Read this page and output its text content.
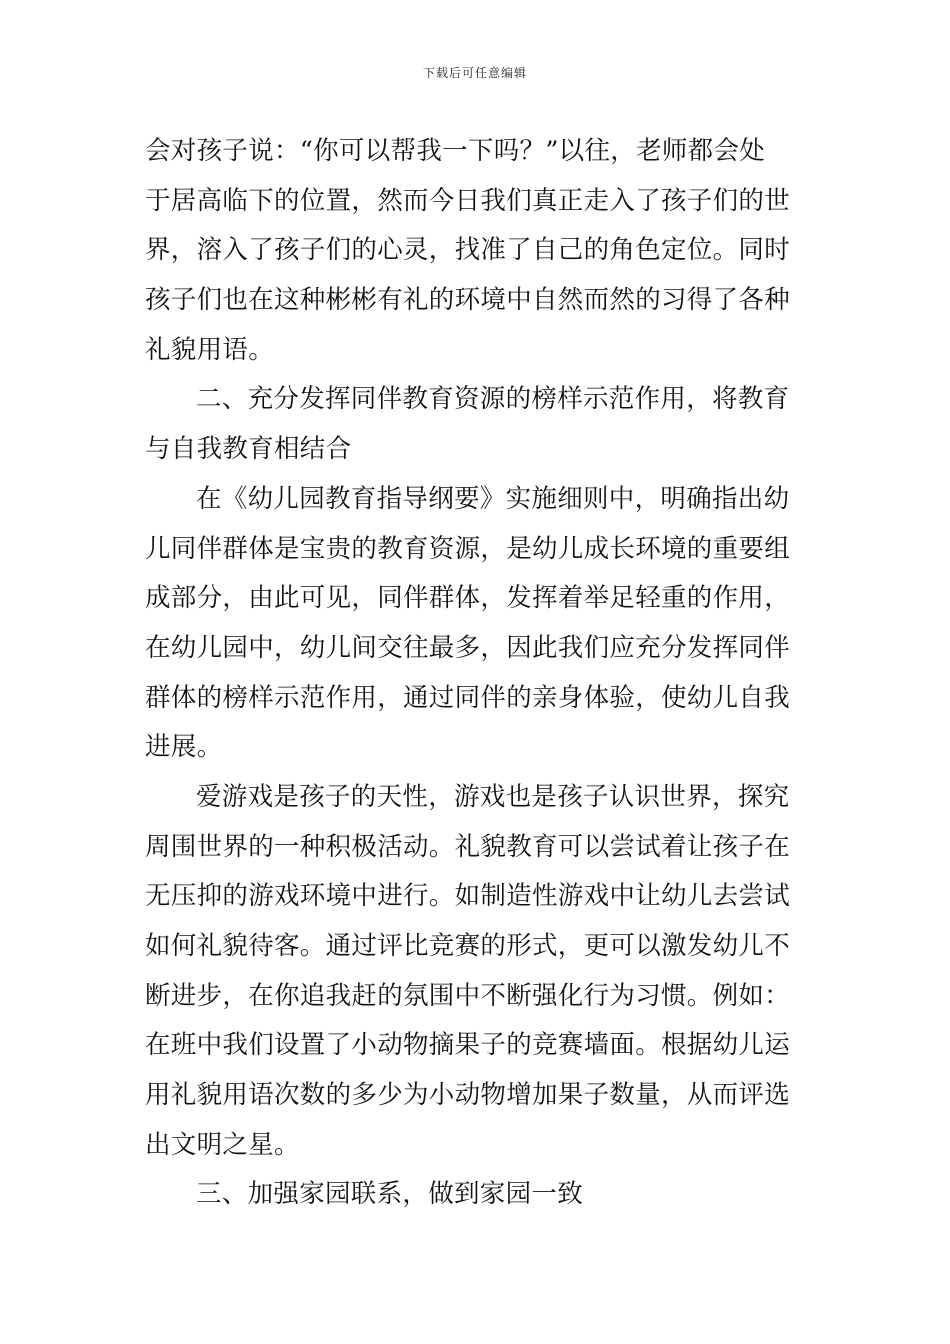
下载后可任意编辑

会对孩子说：“你可以帮我一下吗？”以往，老师都会处
于居高临下的位置，然而今日我们真正走入了孩子们的世
界，溶入了孩子们的心灵，找准了自己的角色定位。同时
孩子们也在这种彬彬有礼的环境中自然而然的习得了各种
礼貌用语。

二、充分发挥同伴教育资源的榜样示范作用，将教育
与自我教育相结合

在《幼儿园教育指导纲要》实施细则中，明确指出幼
儿同伴群体是宝贵的教育资源，是幼儿成长环境的重要组
成部分，由此可见，同伴群体，发挥着举足轻重的作用，
在幼儿园中，幼儿间交往最多，因此我们应充分发挥同伴
群体的榜样示范作用，通过同伴的亲身体验，使幼儿自我
进展。

爱游戏是孩子的天性，游戏也是孩子认识世界，探究
周围世界的一种积极活动。礼貌教育可以尝试着让孩子在
无压抑的游戏环境中进行。如制造性游戏中让幼儿去尝试
如何礼貌待客。通过评比竞赛的形式，更可以激发幼儿不
断进步，在你追我赶的氛围中不断强化行为习惯。例如：
在班中我们设置了小动物摘果子的竞赛墙面。根据幼儿运
用礼貌用语次数的多少为小动物增加果子数量，从而评选
出文明之星。

三、加强家园联系，做到家园一致
